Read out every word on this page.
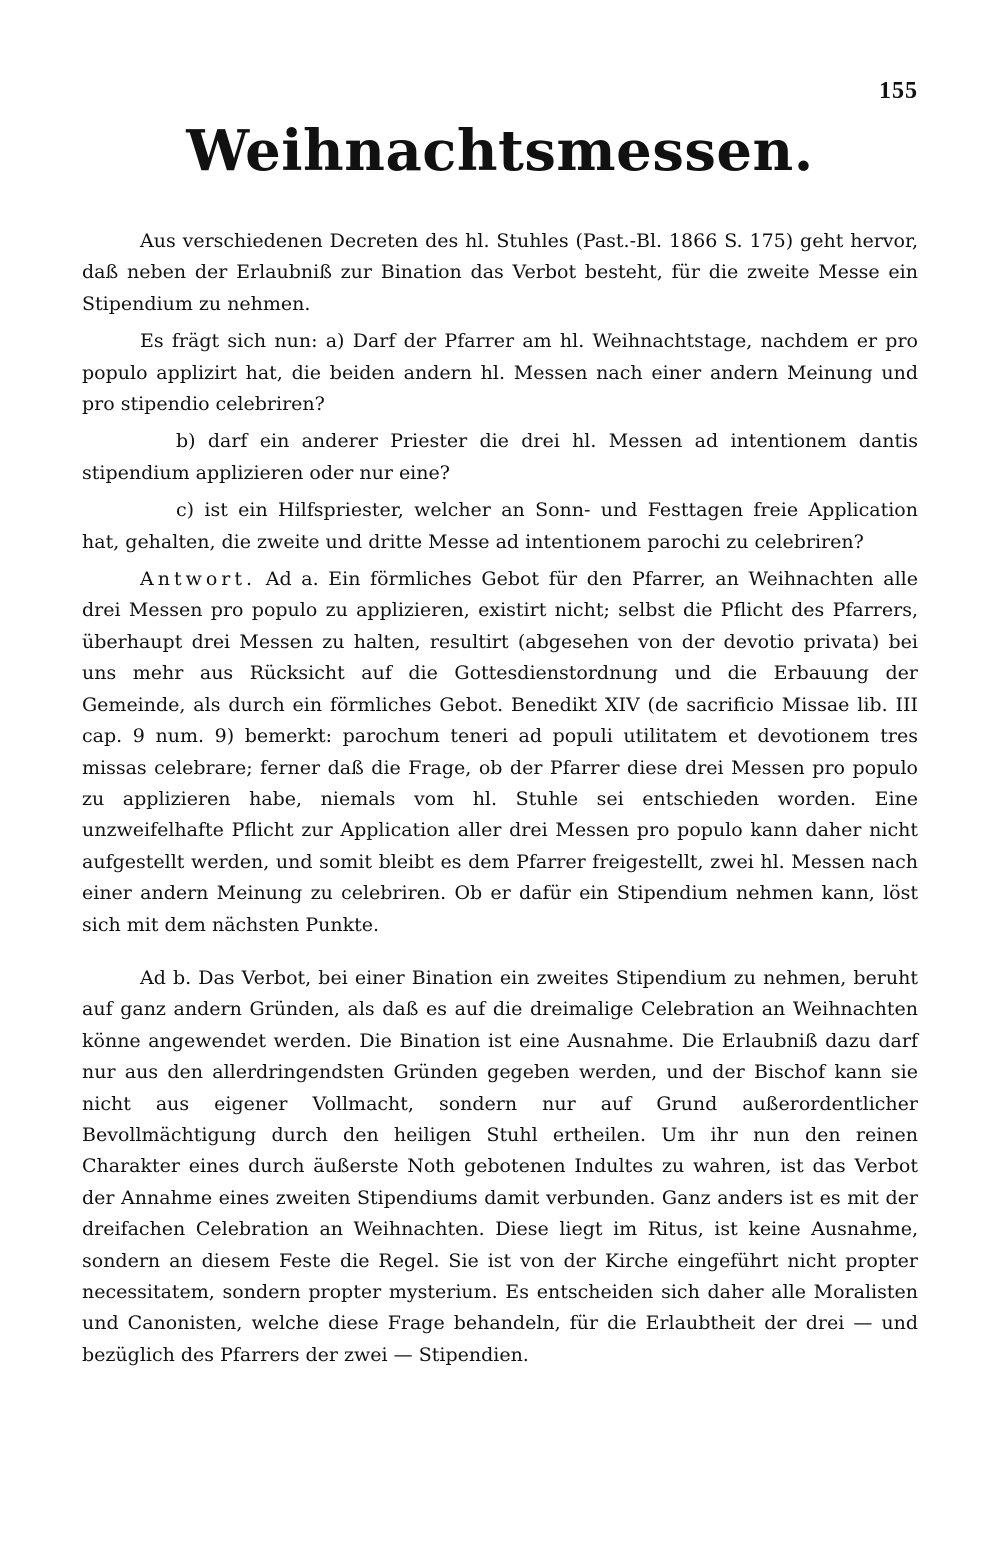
155
Weihnachtsmessen.

Aus verschiedenen Decreten des hl. Stuhles (Past.-Bl. 1866 S. 175) geht hervor, daß neben der Erlaubniß zur Bination das Verbot besteht, für die zweite Messe ein Stipendium zu nehmen.

Es frägt sich nun: a) Darf der Pfarrer am hl. Weihnachtstage, nachdem er pro populo applizirt hat, die beiden andern hl. Messen nach einer andern Meinung und pro stipendio celebriren?

b) darf ein anderer Priester die drei hl. Messen ad intentionem dantis stipendium applizieren oder nur eine?

c) ist ein Hilfspriester, welcher an Sonn- und Festtagen freie Application hat, gehalten, die zweite und dritte Messe ad intentionem parochi zu celebriren?

Antwort. Ad a. Ein förmliches Gebot für den Pfarrer, an Weihnachten alle drei Messen pro populo zu applizieren, existirt nicht; selbst die Pflicht des Pfarrers, überhaupt drei Messen zu halten, resultirt (abgesehen von der devotio privata) bei uns mehr aus Rücksicht auf die Gottesdienstordnung und die Erbauung der Gemeinde, als durch ein förmliches Gebot. Benedikt XIV (de sacrificio Missae lib. III cap. 9 num. 9) bemerkt: parochum teneri ad populi utilitatem et devotionem tres missas celebrare; ferner daß die Frage, ob der Pfarrer diese drei Messen pro populo zu applizieren habe, niemals vom hl. Stuhle sei entschieden worden. Eine unzweifelhafte Pflicht zur Application aller drei Messen pro populo kann daher nicht aufgestellt werden, und somit bleibt es dem Pfarrer freigestellt, zwei hl. Messen nach einer andern Meinung zu celebriren. Ob er dafür ein Stipendium nehmen kann, löst sich mit dem nächsten Punkte.

Ad b. Das Verbot, bei einer Bination ein zweites Stipendium zu nehmen, beruht auf ganz andern Gründen, als daß es auf die dreimalige Celebration an Weihnachten könne angewendet werden. Die Bination ist eine Ausnahme. Die Erlaubniß dazu darf nur aus den allerdringendsten Gründen gegeben werden, und der Bischof kann sie nicht aus eigener Vollmacht, sondern nur auf Grund außerordentlicher Bevollmächtigung durch den heiligen Stuhl ertheilen. Um ihr nun den reinen Charakter eines durch äußerste Noth gebotenen Indultes zu wahren, ist das Verbot der Annahme eines zweiten Stipendiums damit verbunden. Ganz anders ist es mit der dreifachen Celebration an Weihnachten. Diese liegt im Ritus, ist keine Ausnahme, sondern an diesem Feste die Regel. Sie ist von der Kirche eingeführt nicht propter necessitatem, sondern propter mysterium. Es entscheiden sich daher alle Moralisten und Canonisten, welche diese Frage behandeln, für die Erlaubtheit der drei — und bezüglich des Pfarrers der zwei — Stipendien.
